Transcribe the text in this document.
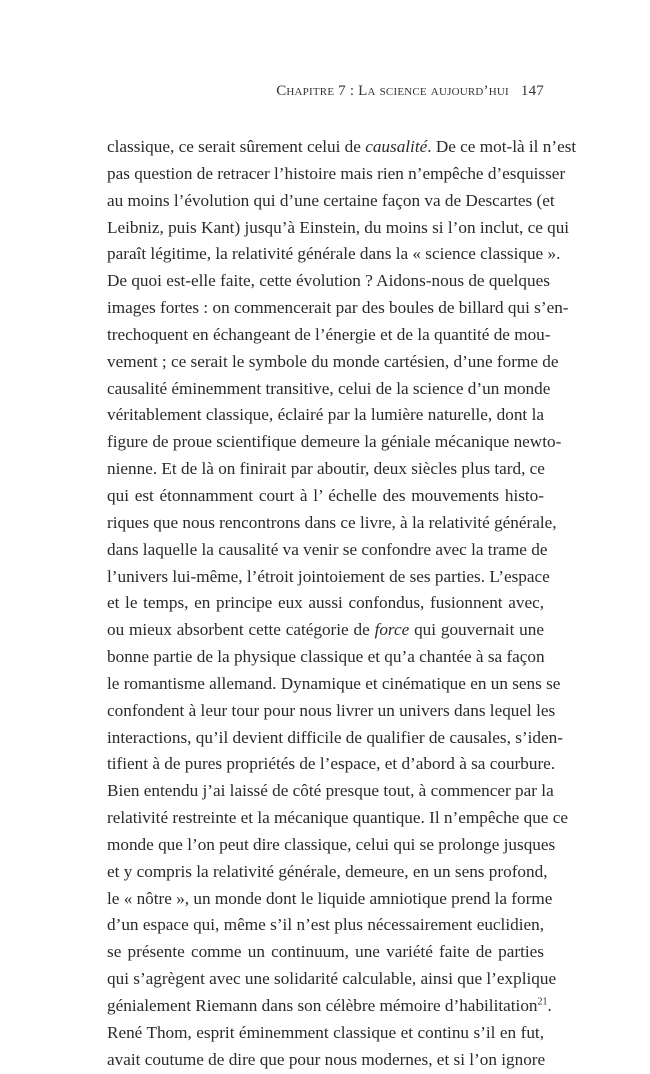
Chapitre 7 : La science aujourd’hui 147
classique, ce serait sûrement celui de causalité. De ce mot-là il n’est
pas question de retracer l’histoire mais rien n’empêche d’esquisser
au moins l’évolution qui d’une certaine façon va de Descartes (et
Leibniz, puis Kant) jusqu’à Einstein, du moins si l’on inclut, ce qui
paraît légitime, la relativité générale dans la « science classique ».
De quoi est-elle faite, cette évolution ? Aidons-nous de quelques
images fortes : on commencerait par des boules de billard qui s’en-
trechoquent en échangeant de l’énergie et de la quantité de mou-
vement ; ce serait le symbole du monde cartésien, d’une forme de
causalité éminemment transitive, celui de la science d’un monde
véritablement classique, éclairé par la lumière naturelle, dont la
figure de proue scientifique demeure la géniale mécanique newto-
nienne. Et de là on finirait par aboutir, deux siècles plus tard, ce
qui est étonnamment court à l’ échelle des mouvements histo-
riques que nous rencontrons dans ce livre, à la relativité générale,
dans laquelle la causalité va venir se confondre avec la trame de
l’univers lui-même, l’étroit jointoiement de ses parties. L’espace
et le temps, en principe eux aussi confondus, fusionnent avec,
ou mieux absorbent cette catégorie de force qui gouvernait une
bonne partie de la physique classique et qu’a chantée à sa façon
le romantisme allemand. Dynamique et cinématique en un sens se
confondent à leur tour pour nous livrer un univers dans lequel les
interactions, qu’il devient difficile de qualifier de causales, s’iden-
tifient à de pures propriétés de l’espace, et d’abord à sa courbure.
Bien entendu j’ai laissé de côté presque tout, à commencer par la
relativité restreinte et la mécanique quantique. Il n’empêche que ce
monde que l’on peut dire classique, celui qui se prolonge jusques
et y compris la relativité générale, demeure, en un sens profond,
le « nôtre », un monde dont le liquide amniotique prend la forme
d’un espace qui, même s’il n’est plus nécessairement euclidien,
se présente comme un continuum, une variété faite de parties
qui s’agrègent avec une solidarité calculable, ainsi que l’explique
génialement Riemann dans son célèbre mémoire d’habilitation$^{21}$.
René Thom, esprit éminemment classique et continu s’il en fut,
avait coutume de dire que pour nous modernes, et si l’on ignore
